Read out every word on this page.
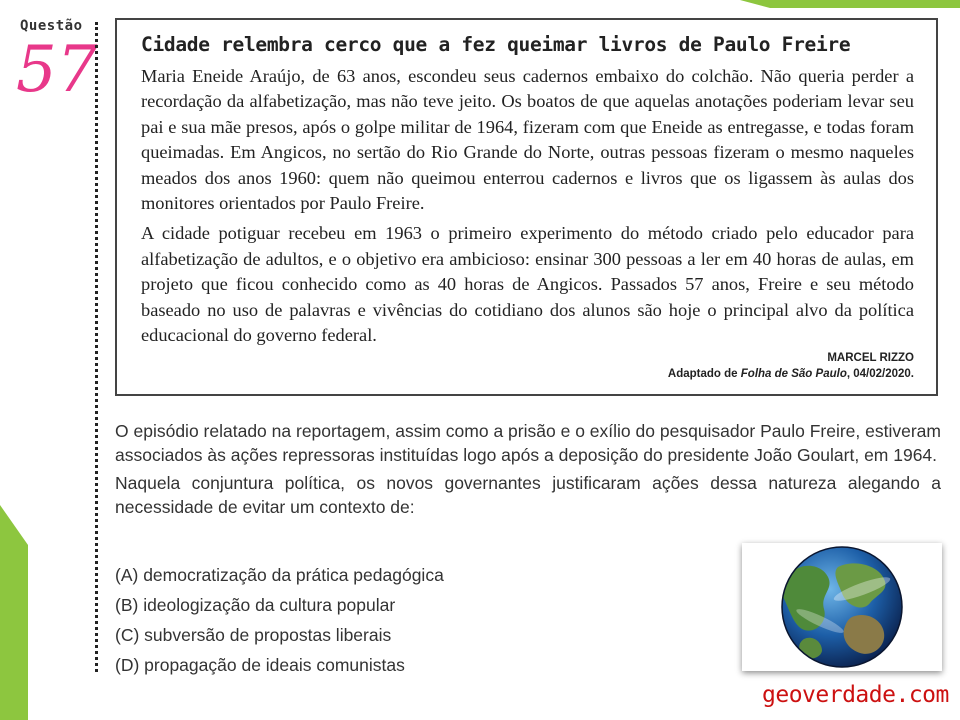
Questão
57 Cidade relembra cerco que a fez queimar livros de Paulo Freire

Maria Eneide Araújo, de 63 anos, escondeu seus cadernos embaixo do colchão. Não queria perder a recordação da alfabetização, mas não teve jeito. Os boatos de que aquelas anotações poderiam levar seu pai e sua mãe presos, após o golpe militar de 1964, fizeram com que Eneide as entregasse, e todas foram queimadas. Em Angicos, no sertão do Rio Grande do Norte, outras pessoas fizeram o mesmo naqueles meados dos anos 1960: quem não queimou enterrou cadernos e livros que os ligassem às aulas dos monitores orientados por Paulo Freire.

A cidade potiguar recebeu em 1963 o primeiro experimento do método criado pelo educador para alfabetização de adultos, e o objetivo era ambicioso: ensinar 300 pessoas a ler em 40 horas de aulas, em projeto que ficou conhecido como as 40 horas de Angicos. Passados 57 anos, Freire e seu método baseado no uso de palavras e vivências do cotidiano dos alunos são hoje o principal alvo da política educacional do governo federal.

MARCEL RIZZO
Adaptado de Folha de São Paulo, 04/02/2020.

O episódio relatado na reportagem, assim como a prisão e o exílio do pesquisador Paulo Freire, estiveram associados às ações repressoras instituídas logo após a deposição do presidente João Goulart, em 1964.

Naquela conjuntura política, os novos governantes justificaram ações dessa natureza alegando a necessidade de evitar um contexto de:

(A) democratização da prática pedagógica
(B) ideologização da cultura popular
(C) subversão de propostas liberais
(D) propagação de ideais comunistas
geoverdade.com
